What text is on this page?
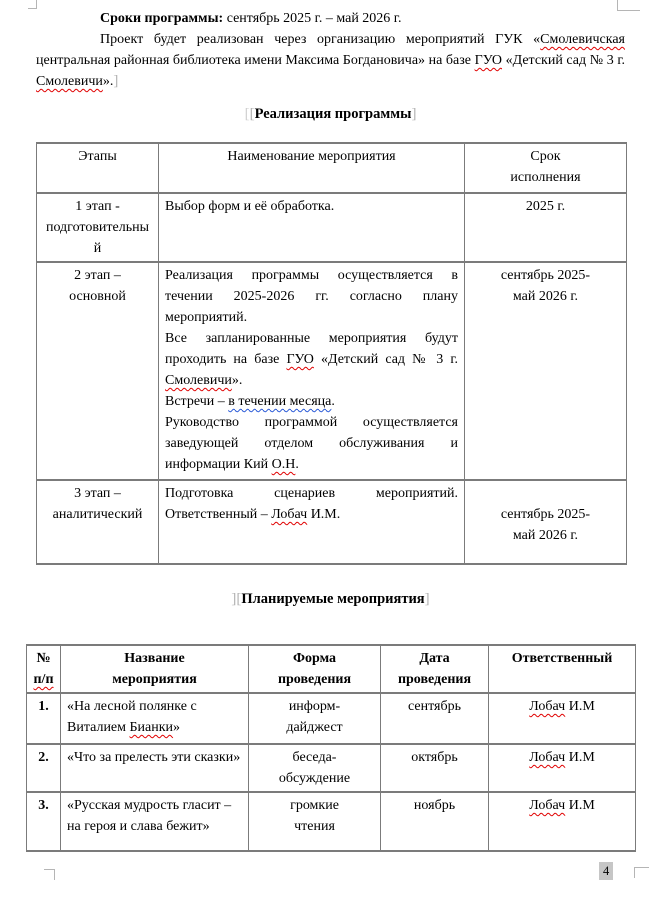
Сроки программы: сентябрь 2025 г. – май 2026 г.

Проект будет реализован через организацию мероприятий ГУК «Смолевичская центральная районная библиотека имени Максима Богдановича» на базе ГУО «Детский сад № 3 г. Смолевичи».]

[[Реализация программы]
Этапы	Наименование мероприятия	Срок исполнения

1 этап - подготовительный	Выбор форм и её обработка.	2025 г.

2 этап – основной	Реализация программы осуществляется в течении 2025-2026 гг. согласно плану мероприятий.

Все запланированные мероприятия будут проходить на базе ГУО «Детский сад № 3 г. Смолевичи».

Встречи – в течении месяца.

Руководство программой осуществляется заведующей отделом обслуживания и информации Кий О.Н.	сентябрь 2025- май 2026 г.

3 этап – аналитический	Подготовка сценариев мероприятий. Ответственный – Лобач И.М.	сентябрь 2025- май 2026 г.
][Планируемые мероприятия]
№ п/п	Название мероприятия	Форма проведения	Дата проведения	Ответственный
1.	«На лесной полянке с Виталием Бианки»	информ-дайджест	сентябрь	Лобач И.М
2.	«Что за прелесть эти сказки»	беседа-обсуждение	октябрь	Лобач И.М
3.	«Русская мудрость гласит – на героя и слава бежит»	громкие чтения	ноябрь	Лобач И.М
4
